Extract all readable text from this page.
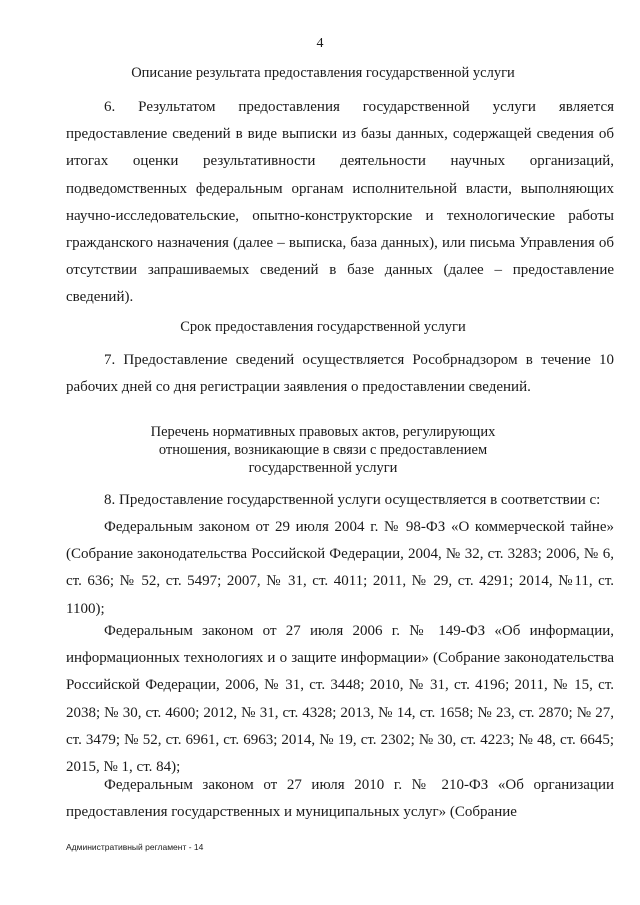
4
Описание результата предоставления государственной услуги

6. Результатом предоставления государственной услуги является предоставление сведений в виде выписки из базы данных, содержащей сведения об итогах оценки результативности деятельности научных организаций, подведомственных федеральным органам исполнительной власти, выполняющих научно-исследовательские, опытно-конструкторские и технологические работы гражданского назначения (далее – выписка, база данных), или письма Управления об отсутствии запрашиваемых сведений в базе данных (далее – предоставление сведений).

Срок предоставления государственной услуги

7. Предоставление сведений осуществляется Рособрнадзором в течение 10 рабочих дней со дня регистрации заявления о предоставлении сведений.

Перечень нормативных правовых актов, регулирующих
отношения, возникающие в связи с предоставлением
государственной услуги

8. Предоставление государственной услуги осуществляется в соответствии с:

Федеральным законом от 29 июля 2004 г. № 98-ФЗ «О коммерческой тайне» (Собрание законодательства Российской Федерации, 2004, № 32, ст. 3283; 2006, № 6, ст. 636; № 52, ст. 5497; 2007, № 31, ст. 4011; 2011, № 29, ст. 4291; 2014, №11, ст. 1100);

Федеральным законом от 27 июля 2006 г. № 149-ФЗ «Об информации, информационных технологиях и о защите информации» (Собрание законодательства Российской Федерации, 2006, № 31, ст. 3448; 2010, № 31, ст. 4196; 2011, № 15, ст. 2038; № 30, ст. 4600; 2012, № 31, ст. 4328; 2013, № 14, ст. 1658; № 23, ст. 2870; № 27, ст. 3479; № 52, ст. 6961, ст. 6963; 2014, № 19, ст. 2302; № 30, ст. 4223; № 48, ст. 6645; 2015, № 1, ст. 84);

Федеральным законом от 27 июля 2010 г. № 210-ФЗ «Об организации предоставления государственных и муниципальных услуг» (Собрание

Административный регламент - 14
